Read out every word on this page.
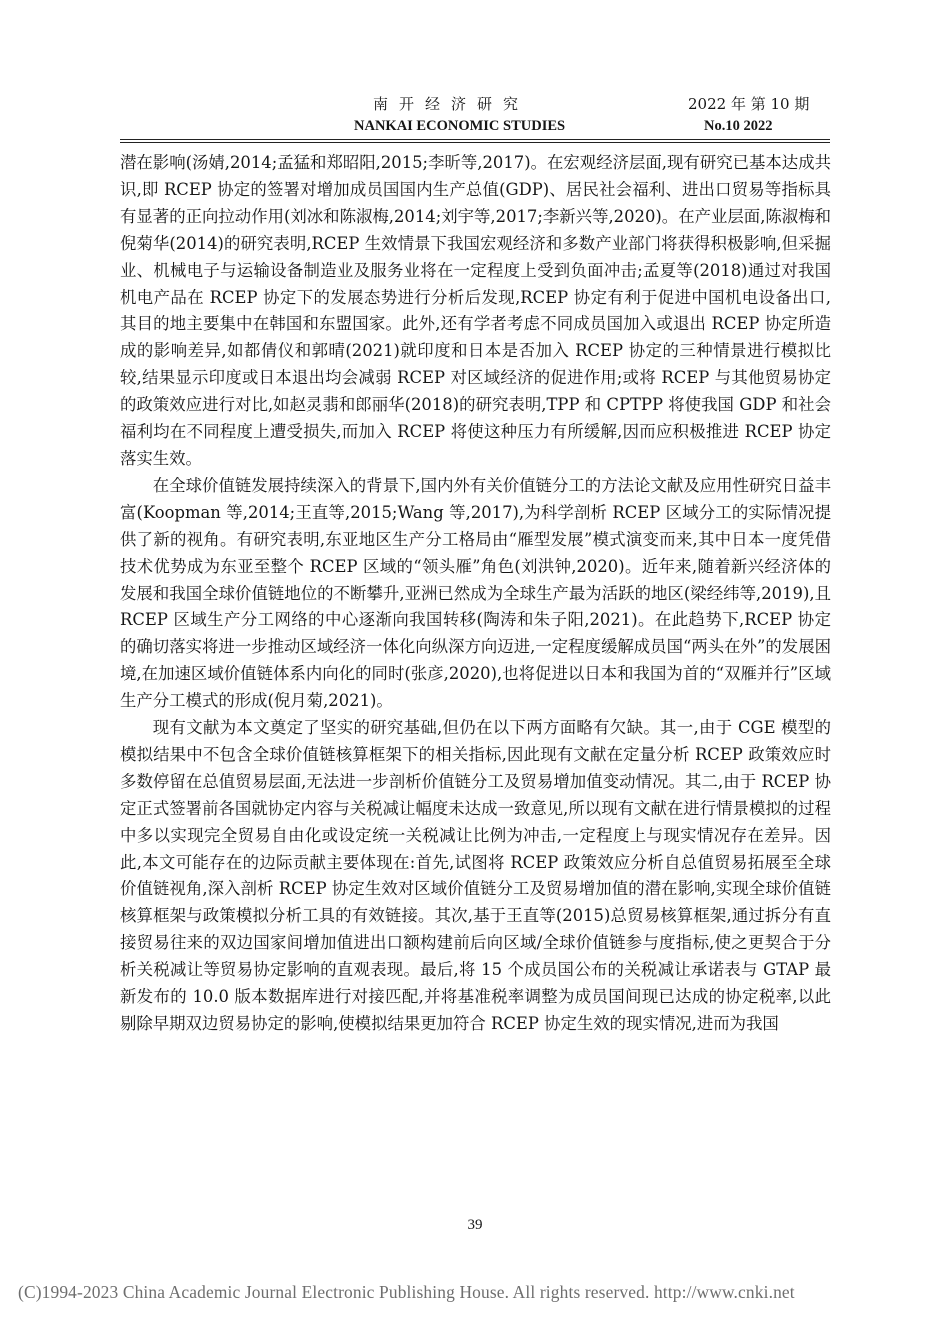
南开经济研究	2022 年 第 10 期
NANKAI ECONOMIC STUDIES	No.10 2022

潜在影响(汤婧,2014;孟猛和郑昭阳,2015;李昕等,2017)。在宏观经济层面,现有研究已基本达成共识,即 RCEP 协定的签署对增加成员国国内生产总值(GDP)、居民社会福利、进出口贸易等指标具有显著的正向拉动作用(刘冰和陈淑梅,2014;刘宇等,2017;李新兴等,2020)。在产业层面,陈淑梅和倪菊华(2014)的研究表明,RCEP 生效情景下我国宏观经济和多数产业部门将获得积极影响,但采掘业、机械电子与运输设备制造业及服务业将在一定程度上受到负面冲击;孟夏等(2018)通过对我国机电产品在 RCEP 协定下的发展态势进行分析后发现,RCEP 协定有利于促进中国机电设备出口,其目的地主要集中在韩国和东盟国家。此外,还有学者考虑不同成员国加入或退出 RCEP 协定所造成的影响差异,如都倩仪和郭晴(2021)就印度和日本是否加入 RCEP 协定的三种情景进行模拟比较,结果显示印度或日本退出均会减弱 RCEP 对区域经济的促进作用;或将 RCEP 与其他贸易协定的政策效应进行对比,如赵灵翡和郎丽华(2018)的研究表明,TPP 和 CPTPP 将使我国 GDP 和社会福利均在不同程度上遭受损失,而加入 RCEP 将使这种压力有所缓解,因而应积极推进 RCEP 协定落实生效。

在全球价值链发展持续深入的背景下,国内外有关价值链分工的方法论文献及应用性研究日益丰富(Koopman 等,2014;王直等,2015;Wang 等,2017),为科学剖析 RCEP 区域分工的实际情况提供了新的视角。有研究表明,东亚地区生产分工格局由“雁型发展”模式演变而来,其中日本一度凭借技术优势成为东亚至整个 RCEP 区域的“领头雁”角色(刘洪钟,2020)。近年来,随着新兴经济体的发展和我国全球价值链地位的不断攀升,亚洲已然成为全球生产最为活跃的地区(梁经纬等,2019),且 RCEP 区域生产分工网络的中心逐渐向我国转移(陶涛和朱子阳,2021)。在此趋势下,RCEP 协定的确切落实将进一步推动区域经济一体化向纵深方向迈进,一定程度缓解成员国“两头在外”的发展困境,在加速区域价值链体系内向化的同时(张彦,2020),也将促进以日本和我国为首的“双雁并行”区域生产分工模式的形成(倪月菊,2021)。

现有文献为本文奠定了坚实的研究基础,但仍在以下两方面略有欠缺。其一,由于 CGE 模型的模拟结果中不包含全球价值链核算框架下的相关指标,因此现有文献在定量分析 RCEP 政策效应时多数停留在总值贸易层面,无法进一步剖析价值链分工及贸易增加值变动情况。其二,由于 RCEP 协定正式签署前各国就协定内容与关税减让幅度未达成一致意见,所以现有文献在进行情景模拟的过程中多以实现完全贸易自由化或设定统一关税减让比例为冲击,一定程度上与现实情况存在差异。因此,本文可能存在的边际贡献主要体现在:首先,试图将 RCEP 政策效应分析自总值贸易拓展至全球价值链视角,深入剖析 RCEP 协定生效对区域价值链分工及贸易增加值的潜在影响,实现全球价值链核算框架与政策模拟分析工具的有效链接。其次,基于王直等(2015)总贸易核算框架,通过拆分有直接贸易往来的双边国家间增加值进出口额构建前后向区域/全球价值链参与度指标,使之更契合于分析关税减让等贸易协定影响的直观表现。最后,将 15 个成员国公布的关税减让承诺表与 GTAP 最新发布的 10.0 版本数据库进行对接匹配,并将基准税率调整为成员国间现已达成的协定税率,以此剔除早期双边贸易协定的影响,使模拟结果更加符合 RCEP 协定生效的现实情况,进而为我国

39
(C)1994-2023 China Academic Journal Electronic Publishing House. All rights reserved. http://www.cnki.net
